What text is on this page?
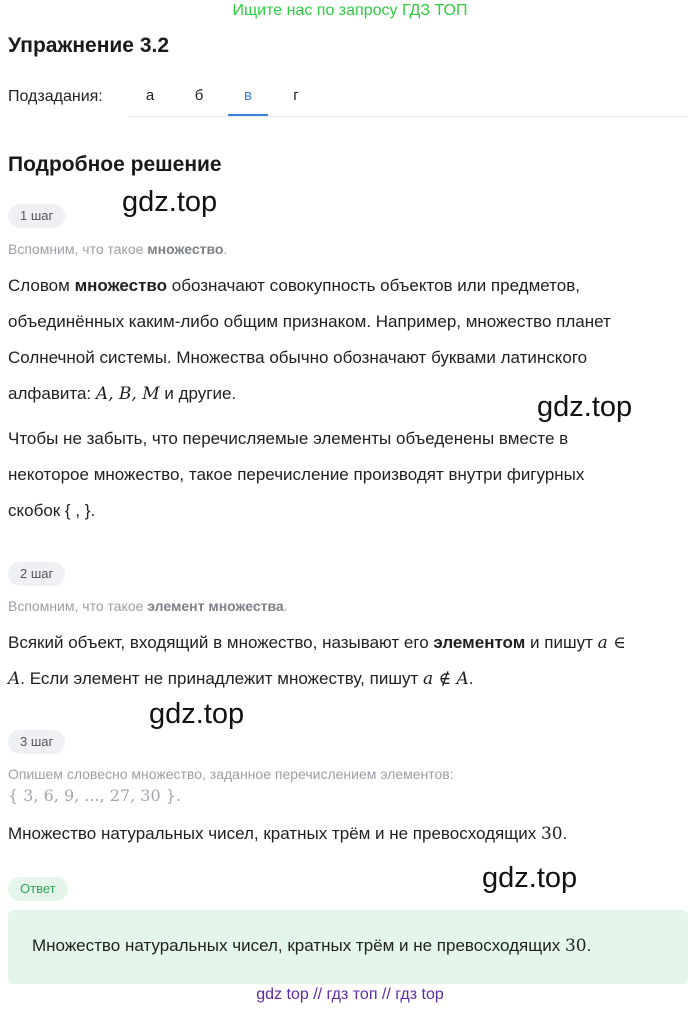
Ищите нас по запросу ГДЗ ТОП
Упражнение 3.2
Подзадания:	а	б	в	г
Подробное решение
1 шаг	gdz.top
Вспомним, что такое множество.
Словом множество обозначают совокупность объектов или предметов,
объединённых каким-либо общим признаком. Например, множество планет
Солнечной системы. Множества обычно обозначают буквами латинского
алфавита: A, B, M и другие.	gdz.top
Чтобы не забыть, что перечисляемые элементы объеденены вместе в
некоторое множество, такое перечисление производят внутри фигурных
скобок { , }.
2 шаг
Вспомним, что такое элемент множества.
Всякий объект, входящий в множество, называют его элементом и пишут a ∈
A. Если элемент не принадлежит множеству, пишут a ∉ A.
gdz.top
3 шаг
Опишем словесно множество, заданное перечислением элементов:
{ 3, 6, 9, ..., 27, 30 }.
Множество натуральных чисел, кратных трём и не превосходящих 30.
Ответ	gdz.top
Множество натуральных чисел, кратных трём и не превосходящих 30.
gdz top // гдз топ // гдз top
